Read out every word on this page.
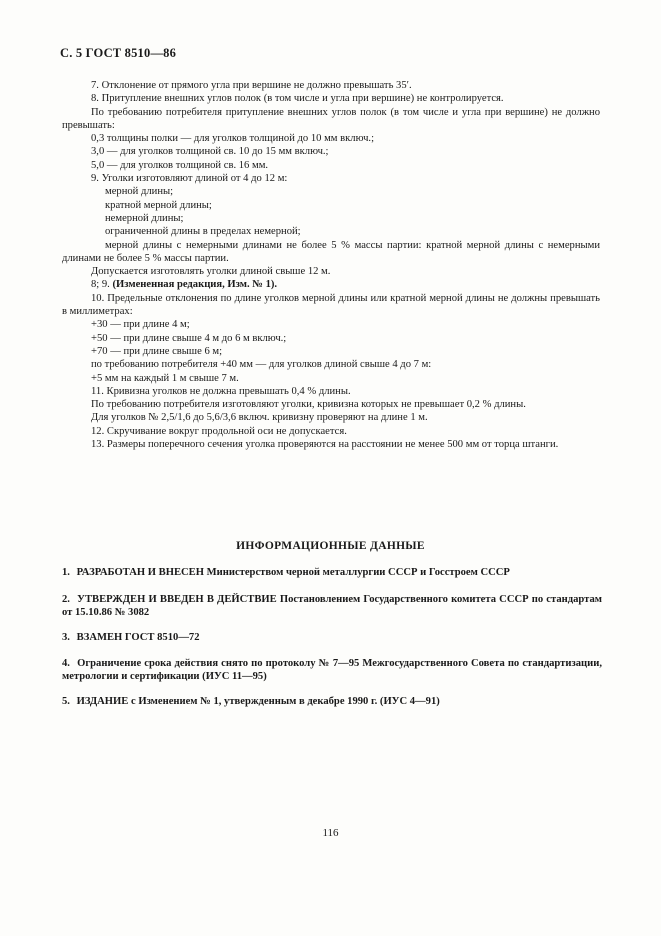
С. 5 ГОСТ 8510—86

7. Отклонение от прямого угла при вершине не должно превышать 35′.

8. Притупление внешних углов полок (в том числе и угла при вершине) не контролируется.

По требованию потребителя притупление внешних углов полок (в том числе и угла при вершине) не должно превышать:

0,3 толщины полки — для уголков толщиной до 10 мм включ.;

3,0 — для уголков толщиной св. 10 до 15 мм включ.;

5,0 — для уголков толщиной св. 16 мм.

9. Уголки изготовляют длиной от 4 до 12 м:

мерной длины;

кратной мерной длины;

немерной длины;

ограниченной длины в пределах немерной;

мерной длины с немерными длинами не более 5 % массы партии: кратной мерной длины с немерными длинами не более 5 % массы партии.

Допускается изготовлять уголки длиной свыше 12 м.

8; 9. (Измененная редакция, Изм. № 1).

10. Предельные отклонения по длине уголков мерной длины или кратной мерной длины не должны превышать в миллиметрах:

+30 — при длине 4 м;

+50 — при длине свыше 4 м до 6 м включ.;

+70 — при длине свыше 6 м;

по требованию потребителя +40 мм — для уголков длиной свыше 4 до 7 м:

+5 мм на каждый 1 м свыше 7 м.

11. Кривизна уголков не должна превышать 0,4 % длины.

По требованию потребителя изготовляют уголки, кривизна которых не превышает 0,2 % длины.

Для уголков № 2,5/1,6 до 5,6/3,6 включ. кривизну проверяют на длине 1 м.

12. Скручивание вокруг продольной оси не допускается.

13. Размеры поперечного сечения уголка проверяются на расстоянии не менее 500 мм от торца штанги.

ИНФОРМАЦИОННЫЕ ДАННЫЕ
1. РАЗРАБОТАН И ВНЕСЕН Министерством черной металлургии СССР и Госстроем СССР
2. УТВЕРЖДЕН И ВВЕДЕН В ДЕЙСТВИЕ Постановлением Государственного комитета СССР по стандартам от 15.10.86 № 3082
3. ВЗАМЕН ГОСТ 8510—72
4. Ограничение срока действия снято по протоколу № 7—95 Межгосударственного Совета по стандартизации, метрологии и сертификации (ИУС 11—95)
5. ИЗДАНИЕ с Изменением № 1, утвержденным в декабре 1990 г. (ИУС 4—91)
116
